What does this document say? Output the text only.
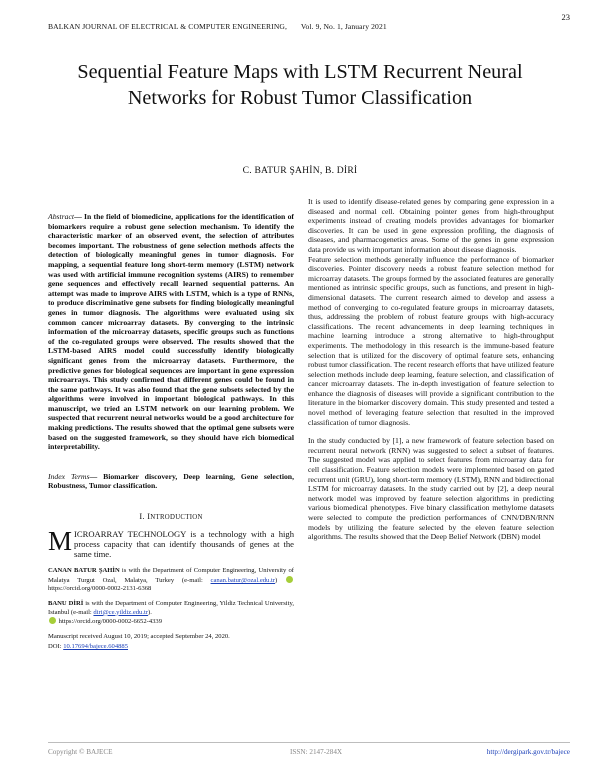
23
BALKAN JOURNAL OF ELECTRICAL & COMPUTER ENGINEERING, Vol. 9, No. 1, January 2021
Sequential Feature Maps with LSTM Recurrent Neural Networks for Robust Tumor Classification
C. BATUR ŞAHİN, B. DİRİ
Abstract— In the field of biomedicine, applications for the identification of biomarkers require a robust gene selection mechanism. To identify the characteristic marker of an observed event, the selection of attributes becomes important. The robustness of gene selection methods affects the detection of biologically meaningful genes in tumor diagnosis. For mapping, a sequential feature long short-term memory (LSTM) network was used with artificial immune recognition systems (AIRS) to remember gene sequences and effectively recall learned sequential patterns. An attempt was made to improve AIRS with LSTM, which is a type of RNNs, to produce discriminative gene subsets for finding biologically meaningful genes in tumor diagnosis. The algorithms were evaluated using six common cancer microarray datasets. By converging to the intrinsic information of the microarray datasets, specific groups such as functions of the co-regulated groups were observed. The results showed that the LSTM-based AIRS model could successfully identify biologically significant genes from the microarray datasets. Furthermore, the predictive genes for biological sequences are important in gene expression microarrays. This study confirmed that different genes could be found in the same pathways. It was also found that the gene subsets selected by the algorithms were involved in important biological pathways. In this manuscript, we tried an LSTM network on our learning problem. We suspected that recurrent neural networks would be a good architecture for making predictions. The results showed that the optimal gene subsets were based on the suggested framework, so they should have rich biomedical interpretability.
Index Terms— Biomarker discovery, Deep learning, Gene selection, Robustness, Tumor classification.
I. INTRODUCTION

MICROARRAY TECHNOLOGY is a technology with a high process capacity that can identify thousands of genes at the same time.

CANAN BATUR ŞAHİN is with the Department of Computer Engineering, University of Malatya Turgut Ozal, Malatya, Turkey (e-mail: canan.batur@ozal.edu.tr)  https://orcid.org/0000-0002-2131-6368

BANU DİRİ is with the Department of Computer Engineering, Yildiz Technical University, Istanbul (e-mail: diri@ce.yildiz.edu.tr).
https://orcid.org/0000-0002-6652-4339

Manuscript received August 10, 2019; accepted September 24, 2020.
DOI: 10.17694/bajece.604885

It is used to identify disease-related genes by comparing gene expression in a diseased and normal cell. Obtaining pointer genes from high-throughput experiments instead of creating models provides advantages for biomarker discoveries. It can be used in gene expression profiling, the diagnosis of diseases, and pharmacogenetics areas. Some of the genes in gene expression data provide us with important information about disease diagnosis.

Feature selection methods generally influence the performance of biomarker discoveries. Pointer discovery needs a robust feature selection method for microarray datasets. The groups formed by the associated features are generally mentioned as intrinsic specific groups, such as functions, and present in high-dimensional datasets. The current research aimed to develop and assess a method of converging to co-regulated feature groups in microarray datasets, thus, addressing the problem of robust feature groups with high-accuracy classifications. The recent advancements in deep learning techniques in machine learning introduce a strong alternative to high-throughput experiments. The methodology in this research is the immune-based feature selection that is utilized for the discovery of optimal feature sets, enhancing robust tumor classification. The recent research efforts that have utilized feature selection methods include deep learning, feature selection, and classification of cancer microarray datasets. The in-depth investigation of feature selection to enhance the diagnosis of diseases will provide a significant contribution to the literature in the biomarker discovery domain. This study presented and tested a novel method of leveraging feature selection that resulted in the improved classification of tumor diagnosis.

In the study conducted by [1], a new framework of feature selection based on recurrent neural network (RNN) was suggested to select a subset of features. The suggested model was applied to select features from microarray data for cell classification. Feature selection models were implemented based on gated recurrent unit (GRU), long short-term memory (LSTM), RNN and bidirectional LSTM for microarray datasets. In the study carried out by [2], a deep neural network model was improved by feature selection algorithms in predicting various biomedical phenotypes. Five binary classification methylome datasets were selected to compute the prediction performances of CNN/DBN/RNN models by utilizing the feature selected by the eleven feature selection algorithms. The results showed that the Deep Belief Network (DBN) model

Copyright © BAJECE	ISSN: 2147-284X	http://dergipark.gov.tr/bajece
